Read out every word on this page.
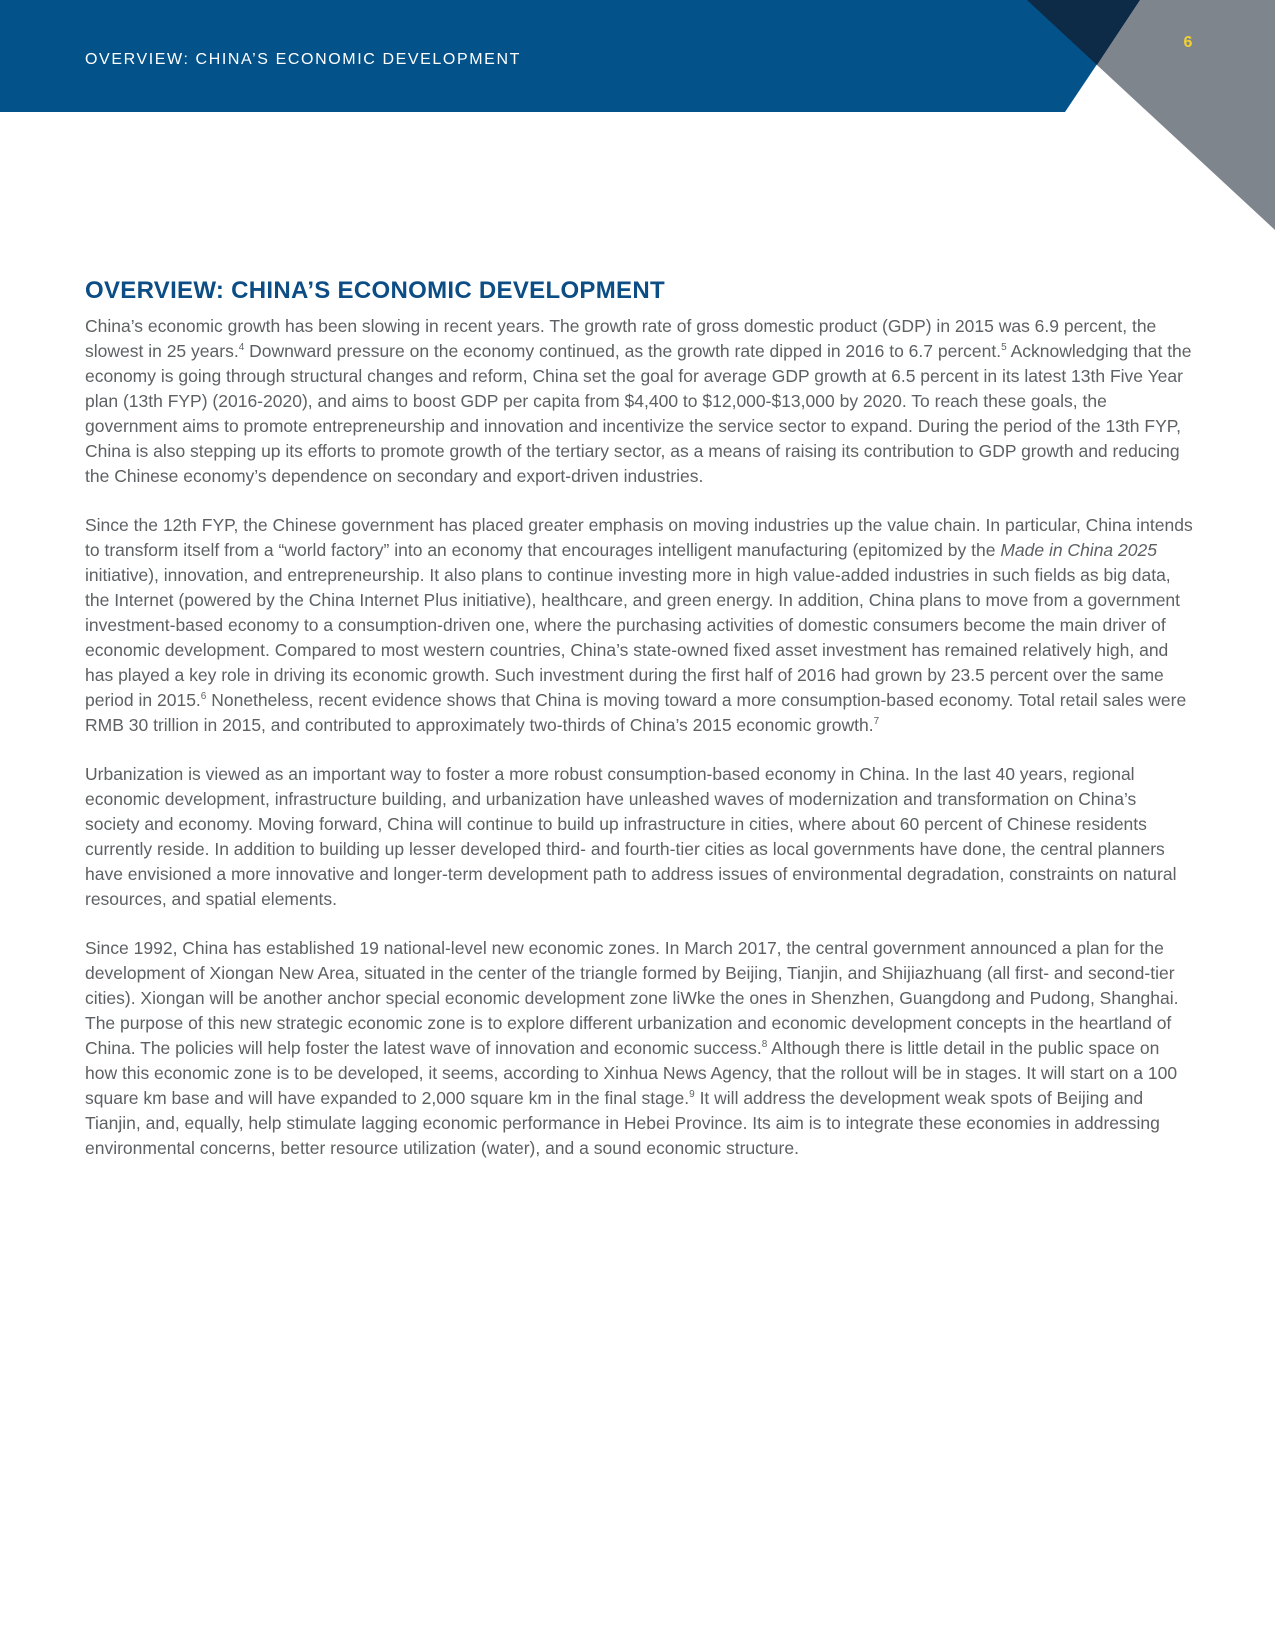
OVERVIEW: CHINA’S ECONOMIC DEVELOPMENT
6
OVERVIEW: CHINA’S ECONOMIC DEVELOPMENT

China’s economic growth has been slowing in recent years. The growth rate of gross domestic product (GDP) in 2015 was 6.9 percent, the slowest in 25 years.$^4$ Downward pressure on the economy continued, as the growth rate dipped in 2016 to 6.7 percent.$^5$ Acknowledging that the economy is going through structural changes and reform, China set the goal for average GDP growth at 6.5 percent in its latest 13th Five Year plan (13th FYP) (2016-2020), and aims to boost GDP per capita from $4,400 to $12,000-$13,000 by 2020. To reach these goals, the government aims to promote entrepreneurship and innovation and incentivize the service sector to expand. During the period of the 13th FYP, China is also stepping up its efforts to promote growth of the tertiary sector, as a means of raising its contribution to GDP growth and reducing the Chinese economy’s dependence on secondary and export-driven industries.

Since the 12th FYP, the Chinese government has placed greater emphasis on moving industries up the value chain. In particular, China intends to transform itself from a “world factory” into an economy that encourages intelligent manufacturing (epitomized by the Made in China 2025 initiative), innovation, and entrepreneurship. It also plans to continue investing more in high value-added industries in such fields as big data, the Internet (powered by the China Internet Plus initiative), healthcare, and green energy. In addition, China plans to move from a government investment-based economy to a consumption-driven one, where the purchasing activities of domestic consumers become the main driver of economic development. Compared to most western countries, China’s state-owned fixed asset investment has remained relatively high, and has played a key role in driving its economic growth. Such investment during the first half of 2016 had grown by 23.5 percent over the same period in 2015.$^6$ Nonetheless, recent evidence shows that China is moving toward a more consumption-based economy. Total retail sales were RMB 30 trillion in 2015, and contributed to approximately two-thirds of China’s 2015 economic growth.$^7$

Urbanization is viewed as an important way to foster a more robust consumption-based economy in China. In the last 40 years, regional economic development, infrastructure building, and urbanization have unleashed waves of modernization and transformation on China’s society and economy. Moving forward, China will continue to build up infrastructure in cities, where about 60 percent of Chinese residents currently reside. In addition to building up lesser developed third- and fourth-tier cities as local governments have done, the central planners have envisioned a more innovative and longer-term development path to address issues of environmental degradation, constraints on natural resources, and spatial elements.

Since 1992, China has established 19 national-level new economic zones. In March 2017, the central government announced a plan for the development of Xiongan New Area, situated in the center of the triangle formed by Beijing, Tianjin, and Shijiazhuang (all first- and second-tier cities). Xiongan will be another anchor special economic development zone liWke the ones in Shenzhen, Guangdong and Pudong, Shanghai. The purpose of this new strategic economic zone is to explore different urbanization and economic development concepts in the heartland of China. The policies will help foster the latest wave of innovation and economic success.$^8$ Although there is little detail in the public space on how this economic zone is to be developed, it seems, according to Xinhua News Agency, that the rollout will be in stages. It will start on a 100 square km base and will have expanded to 2,000 square km in the final stage.$^9$ It will address the development weak spots of Beijing and Tianjin, and, equally, help stimulate lagging economic performance in Hebei Province. Its aim is to integrate these economies in addressing environmental concerns, better resource utilization (water), and a sound economic structure.
